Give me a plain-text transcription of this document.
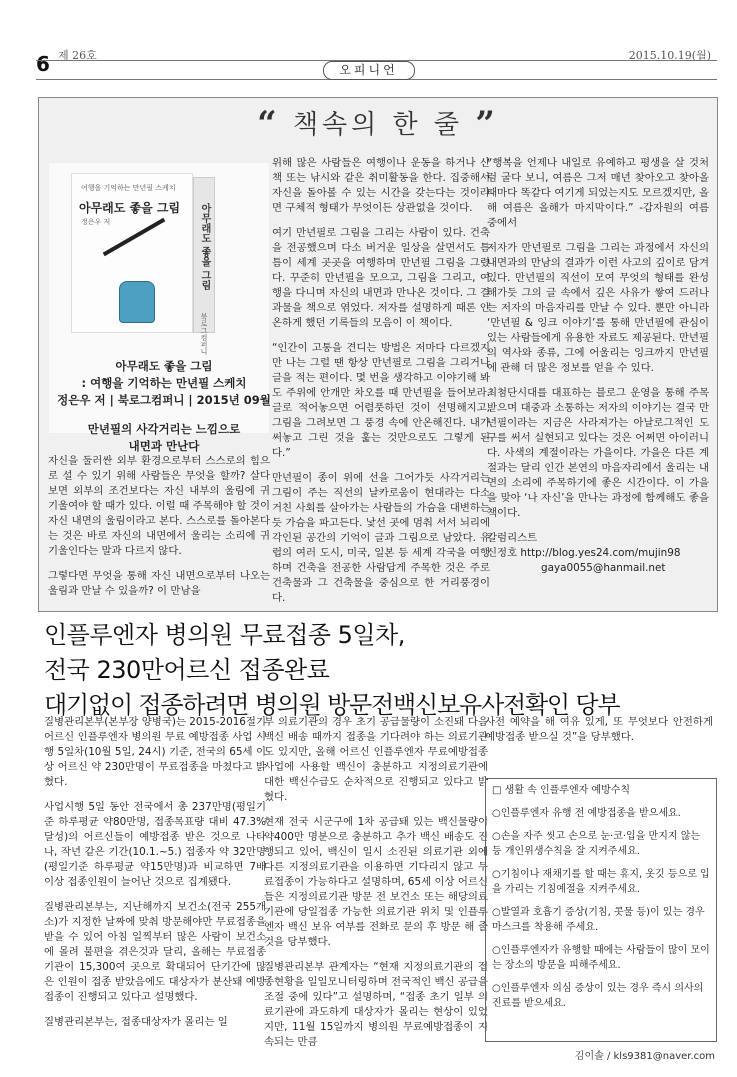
6 제 26호	2015.10.19(월)
오피니언
“ 책속의 한 줄 ”
여행을 기억하는 만년필 스케치
아무래도 좋을 그림
정은우 저	아무래도 좋을 그림
북로그컴퍼니
아무래도 좋을 그림
: 여행을 기억하는 만년필 스케치
정은우 저 | 북로그컴퍼니 | 2015년 09월
만년필의 사각거리는 느낌으로
내면과 만난다

자신을 둘러싼 외부 환경으로부터 스스로의 힘으로 설 수 있기 위해 사람들은 무엇을 할까? 살다보면 외부의 조건보다는 자신 내부의 울림에 귀 기울여야 할 때가 있다. 이럴 때 주목해야 할 것이 자신 내면의 울림이라고 본다. 스스로를 돌아본다는 것은 바로 자신의 내면에서 울리는 소리에 귀 기울인다는 말과 다르지 않다.

그렇다면 무엇을 통해 자신 내면으로부터 나오는 울림과 만날 수 있을까? 이 만남을

위해 많은 사람들은 여행이나 운동을 하거나 산책 또는 낚시와 같은 취미활동을 한다. 집중해서 자신을 돌아볼 수 있는 시간을 갖는다는 것이라면 구체적 형태가 무엇이든 상관없을 것이다.

여기 만년필로 그림을 그리는 사람이 있다. 건축을 전공했으며 다소 버거운 일상을 살면서도 틈틈이 세계 곳곳을 여행하며 만년필 그림을 그렸다. 꾸준히 만년필을 모으고, 그림을 그리고, 여행을 다니며 자신의 내면과 만나온 것이다. 그 결과물을 책으로 엮었다. 저자를 설명하게 때론 안온하게 했던 기록들의 모음이 이 책이다.

“인간이 고통을 견디는 방법은 저마다 다르겠지만 나는 그럴 땐 항상 만년필로 그림을 그리거나 글을 적는 편이다. 몇 번을 생각하고 이야기해 봐도 주위에 안개만 차오를 때 만년필을 들어보라. 글로 적어놓으면 어렴풋하던 것이 선명해지고, 그림을 그려보면 그 풍경 속에 안온해진다. 내가 써놓고 그린 것을 훑는 것만으로도 그렇게 된다.”

만년필이 종이 위에 선을 그어가듯 사각거리는 그림이 주는 직선의 날카로움이 현대라는 다소 거친 사회를 살아가는 사람들의 가슴을 대변하는 듯 가슴을 파고든다. 낯선 곳에 멈춰 서서 뇌리에 각인된 공간의 기억이 글과 그림으로 남았다. 유럽의 여러 도시, 미국, 일본 등 세계 각국을 여행하며 건축을 전공한 사람답게 주목한 것은 주로 건축물과 그 건축물을 중심으로 한 거리풍경이다.

“행복을 언제나 내일로 유예하고 평생을 살 것처럼 굴다 보니, 여름은 그저 매년 찾아오고 찾아올 때마다 똑같다 여기게 되었는지도 모르겠지만, 올해 여름은 올해가 마지막이다.” -갑자원의 여름 중에서

저자가 만년필로 그림을 그리는 과정에서 자신의 내면과의 만남의 결과가 이런 사고의 깊이로 담겨있다. 만년필의 직선이 모여 무엇의 형태를 완성해가듯 그의 글 속에서 깊은 사유가 쌓여 드러나는 저자의 마음자리를 만날 수 있다. 뿐만 아니라 ‘만년필 & 잉크 이야기’를 통해 만년필에 관심이 있는 사람들에게 유용한 자료도 제공된다. 만년필의 역사와 종류, 그에 어울리는 잉크까지 만년필에 관해 더 많은 정보를 얻을 수 있다.

최첨단시대를 대표하는 블로그 운영을 통해 주목받으며 대중과 소통하는 저자의 이야기는 결국 만년필이라는 지금은 사라져가는 아날로그적인 도구를 써서 실현되고 있다는 것은 어쩌면 아이러니다. 사색의 계절이라는 가을이다. 가을은 다른 계절과는 달리 인간 본연의 마음자리에서 울리는 내면의 소리에 주목하기에 좋은 시간이다. 이 가을을 맞아 ‘나 자신’을 만나는 과정에 함께해도 좋을 책이다.

칼럼리스트
신정호 http://blog.yes24.com/mujin98
gaya0055@hanmail.net
인플루엔자 병의원 무료접종 5일차,
전국 230만어르신 접종완료
대기없이 접종하려면 병의원 방문전백신보유사전확인 당부

질병관리본부(본부장 양병국)는 2015-2016절기 어르신 인플루엔자 병의원 무료 예방접종 사업 시행 5일차(10월 5일, 24시) 기준, 전국의 65세 이상 어르신 약 230만명이 무료접종을 마쳤다고 밝혔다.

사업시행 5일 동안 전국에서 총 237만명(평일기준 하루평균 약80만명, 접종목표량 대비 47.3% 달성)의 어르신들이 예방접종 받은 것으로 나타나, 작년 같은 기간(10.1.~5.) 접종자 약 32만명(평일기준 하루평균 약15만명)과 비교하면 7배 이상 접종인원이 늘어난 것으로 집계됐다.

질병관리본부는, 지난해까지 보건소(전국 255개소)가 지정한 날짜에 맞춰 방문해야만 무료접종을 받을 수 있어 아침 일찍부터 많은 사람이 보건소에 몰려 불편을 겪은것과 달리, 올해는 무료접종 기관이 15,300여 곳으로 확대되어 단기간에 많은 인원이 접종 받았음에도 대상자가 분산돼 예방접종이 진행되고 있다고 설명했다.

질병관리본부는, 접종대상자가 몰리는 일

부 의료기관의 경우 초기 공급물량이 소진돼 다음 백신 배송 때까지 접종을 기다려야 하는 의료기관도 있지만, 올해 어르신 인플루엔자 무료예방접종 사업에 사용할 백신이 충분하고 지정의료기관에 대한 백신수급도 순차적으로 진행되고 있다고 밝혔다.

현재 전국 시군구에 1차 공급돼 있는 백신물량이 약400만 명분으로 충분하고 추가 백신 배송도 진행되고 있어, 백신이 일시 소진된 의료기관 외에 다른 지정의료기관을 이용하면 기다리지 않고 무료접종이 가능하다고 설명하며, 65세 이상 어르신들은 지정의료기관 방문 전 보건소 또는 해당의료기관에 당일접종 가능한 의료기관 위치 및 인플루엔자 백신 보유 여부를 전화로 문의 후 방문 해 줄 것을 당부했다.

질병관리본부 관계자는 “현재 지정의료기관의 접종현황을 일일모니터링하며 전국적인 백신 공급을 조절 중에 있다”고 설명하며, “접종 초기 일부 의료기관에 과도하게 대상자가 몰리는 현상이 있었지만, 11월 15일까지 병의원 무료예방접종이 지속되는 만큼

사전 예약을 해 여유 있게, 또 무엇보다 안전하게 예방접종 받으실 것”을 당부했다.

□ 생활 속 인플루엔자 예방수칙
○인플루엔자 유행 전 예방접종을 받으세요.
○손을 자주 씻고 손으로 눈·코·입을 만지지 않는 등 개인위생수칙을 잘 지켜주세요.
○기침이나 재채기를 할 때는 휴지, 옷깃 등으로 입을 가리는 기침예절을 지켜주세요.
○발열과 호흡기 증상(기침, 콧물 등)이 있는 경우 마스크를 착용해 주세요.
○인플루엔자가 유행할 때에는 사람들이 많이 모이는 장소의 방문을 피해주세요.
○인플루엔자 의심 증상이 있는 경우 즉시 의사의 진료를 받으세요.
김이솔 / kls9381@naver.com
